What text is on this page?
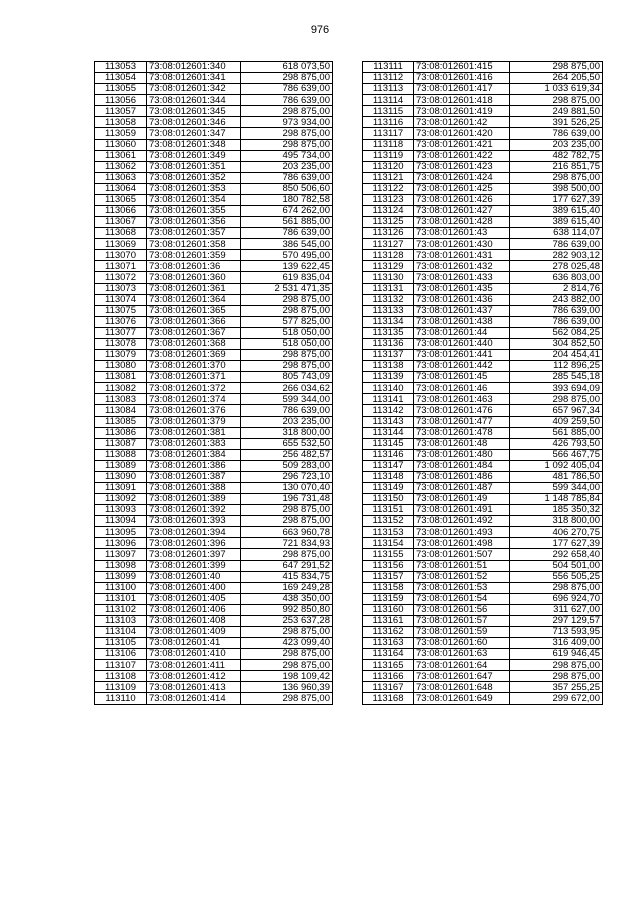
976
113053	73:08:012601:340	618 073,50
113054	73:08:012601:341	298 875,00
113055	73:08:012601:342	786 639,00
113056	73:08:012601:344	786 639,00
113057	73:08:012601:345	298 875,00
113058	73:08:012601:346	973 934,00
113059	73:08:012601:347	298 875,00
113060	73:08:012601:348	298 875,00
113061	73:08:012601:349	495 734,00
113062	73:08:012601:351	203 235,00
113063	73:08:012601:352	786 639,00
113064	73:08:012601:353	850 506,60
113065	73:08:012601:354	180 782,58
113066	73:08:012601:355	674 262,00
113067	73:08:012601:356	561 885,00
113068	73:08:012601:357	786 639,00
113069	73:08:012601:358	386 545,00
113070	73:08:012601:359	570 495,00
113071	73:08:012601:36	139 622,45
113072	73:08:012601:360	619 835,04
113073	73:08:012601:361	2 531 471,35
113074	73:08:012601:364	298 875,00
113075	73:08:012601:365	298 875,00
113076	73:08:012601:366	577 825,00
113077	73:08:012601:367	518 050,00
113078	73:08:012601:368	518 050,00
113079	73:08:012601:369	298 875,00
113080	73:08:012601:370	298 875,00
113081	73:08:012601:371	805 743,09
113082	73:08:012601:372	266 034,62
113083	73:08:012601:374	599 344,00
113084	73:08:012601:376	786 639,00
113085	73:08:012601:379	203 235,00
113086	73:08:012601:381	318 800,00
113087	73:08:012601:383	655 532,50
113088	73:08:012601:384	256 482,57
113089	73:08:012601:386	509 283,00
113090	73:08:012601:387	296 723,10
113091	73:08:012601:388	130 070,40
113092	73:08:012601:389	196 731,48
113093	73:08:012601:392	298 875,00
113094	73:08:012601:393	298 875,00
113095	73:08:012601:394	663 960,78
113096	73:08:012601:396	721 834,93
113097	73:08:012601:397	298 875,00
113098	73:08:012601:399	647 291,52
113099	73:08:012601:40	415 834,75
113100	73:08:012601:400	169 249,28
113101	73:08:012601:405	438 350,00
113102	73:08:012601:406	992 850,80
113103	73:08:012601:408	253 637,28
113104	73:08:012601:409	298 875,00
113105	73:08:012601:41	423 099,40
113106	73:08:012601:410	298 875,00
113107	73:08:012601:411	298 875,00
113108	73:08:012601:412	198 109,42
113109	73:08:012601:413	136 960,39
113110	73:08:012601:414	298 875,00
113111	73:08:012601:415	298 875,00
113112	73:08:012601:416	264 205,50
113113	73:08:012601:417	1 033 619,34
113114	73:08:012601:418	298 875,00
113115	73:08:012601:419	249 881,50
113116	73:08:012601:42	391 526,25
113117	73:08:012601:420	786 639,00
113118	73:08:012601:421	203 235,00
113119	73:08:012601:422	482 782,75
113120	73:08:012601:423	216 851,75
113121	73:08:012601:424	298 875,00
113122	73:08:012601:425	398 500,00
113123	73:08:012601:426	177 627,39
113124	73:08:012601:427	389 615,40
113125	73:08:012601:428	389 615,40
113126	73:08:012601:43	638 114,07
113127	73:08:012601:430	786 639,00
113128	73:08:012601:431	282 903,12
113129	73:08:012601:432	278 025,48
113130	73:08:012601:433	636 803,00
113131	73:08:012601:435	2 814,76
113132	73:08:012601:436	243 882,00
113133	73:08:012601:437	786 639,00
113134	73:08:012601:438	786 639,00
113135	73:08:012601:44	562 084,25
113136	73:08:012601:440	304 852,50
113137	73:08:012601:441	204 454,41
113138	73:08:012601:442	112 896,25
113139	73:08:012601:45	285 545,18
113140	73:08:012601:46	393 694,09
113141	73:08:012601:463	298 875,00
113142	73:08:012601:476	657 967,34
113143	73:08:012601:477	409 259,50
113144	73:08:012601:478	561 885,00
113145	73:08:012601:48	426 793,50
113146	73:08:012601:480	566 467,75
113147	73:08:012601:484	1 092 405,04
113148	73:08:012601:486	481 786,50
113149	73:08:012601:487	599 344,00
113150	73:08:012601:49	1 148 785,84
113151	73:08:012601:491	185 350,32
113152	73:08:012601:492	318 800,00
113153	73:08:012601:493	406 270,75
113154	73:08:012601:498	177 627,39
113155	73:08:012601:507	292 658,40
113156	73:08:012601:51	504 501,00
113157	73:08:012601:52	556 505,25
113158	73:08:012601:53	298 875,00
113159	73:08:012601:54	696 924,70
113160	73:08:012601:56	311 627,00
113161	73:08:012601:57	297 129,57
113162	73:08:012601:59	713 593,95
113163	73:08:012601:60	316 409,00
113164	73:08:012601:63	619 946,45
113165	73:08:012601:64	298 875,00
113166	73:08:012601:647	298 875,00
113167	73:08:012601:648	357 255,25
113168	73:08:012601:649	299 672,00
